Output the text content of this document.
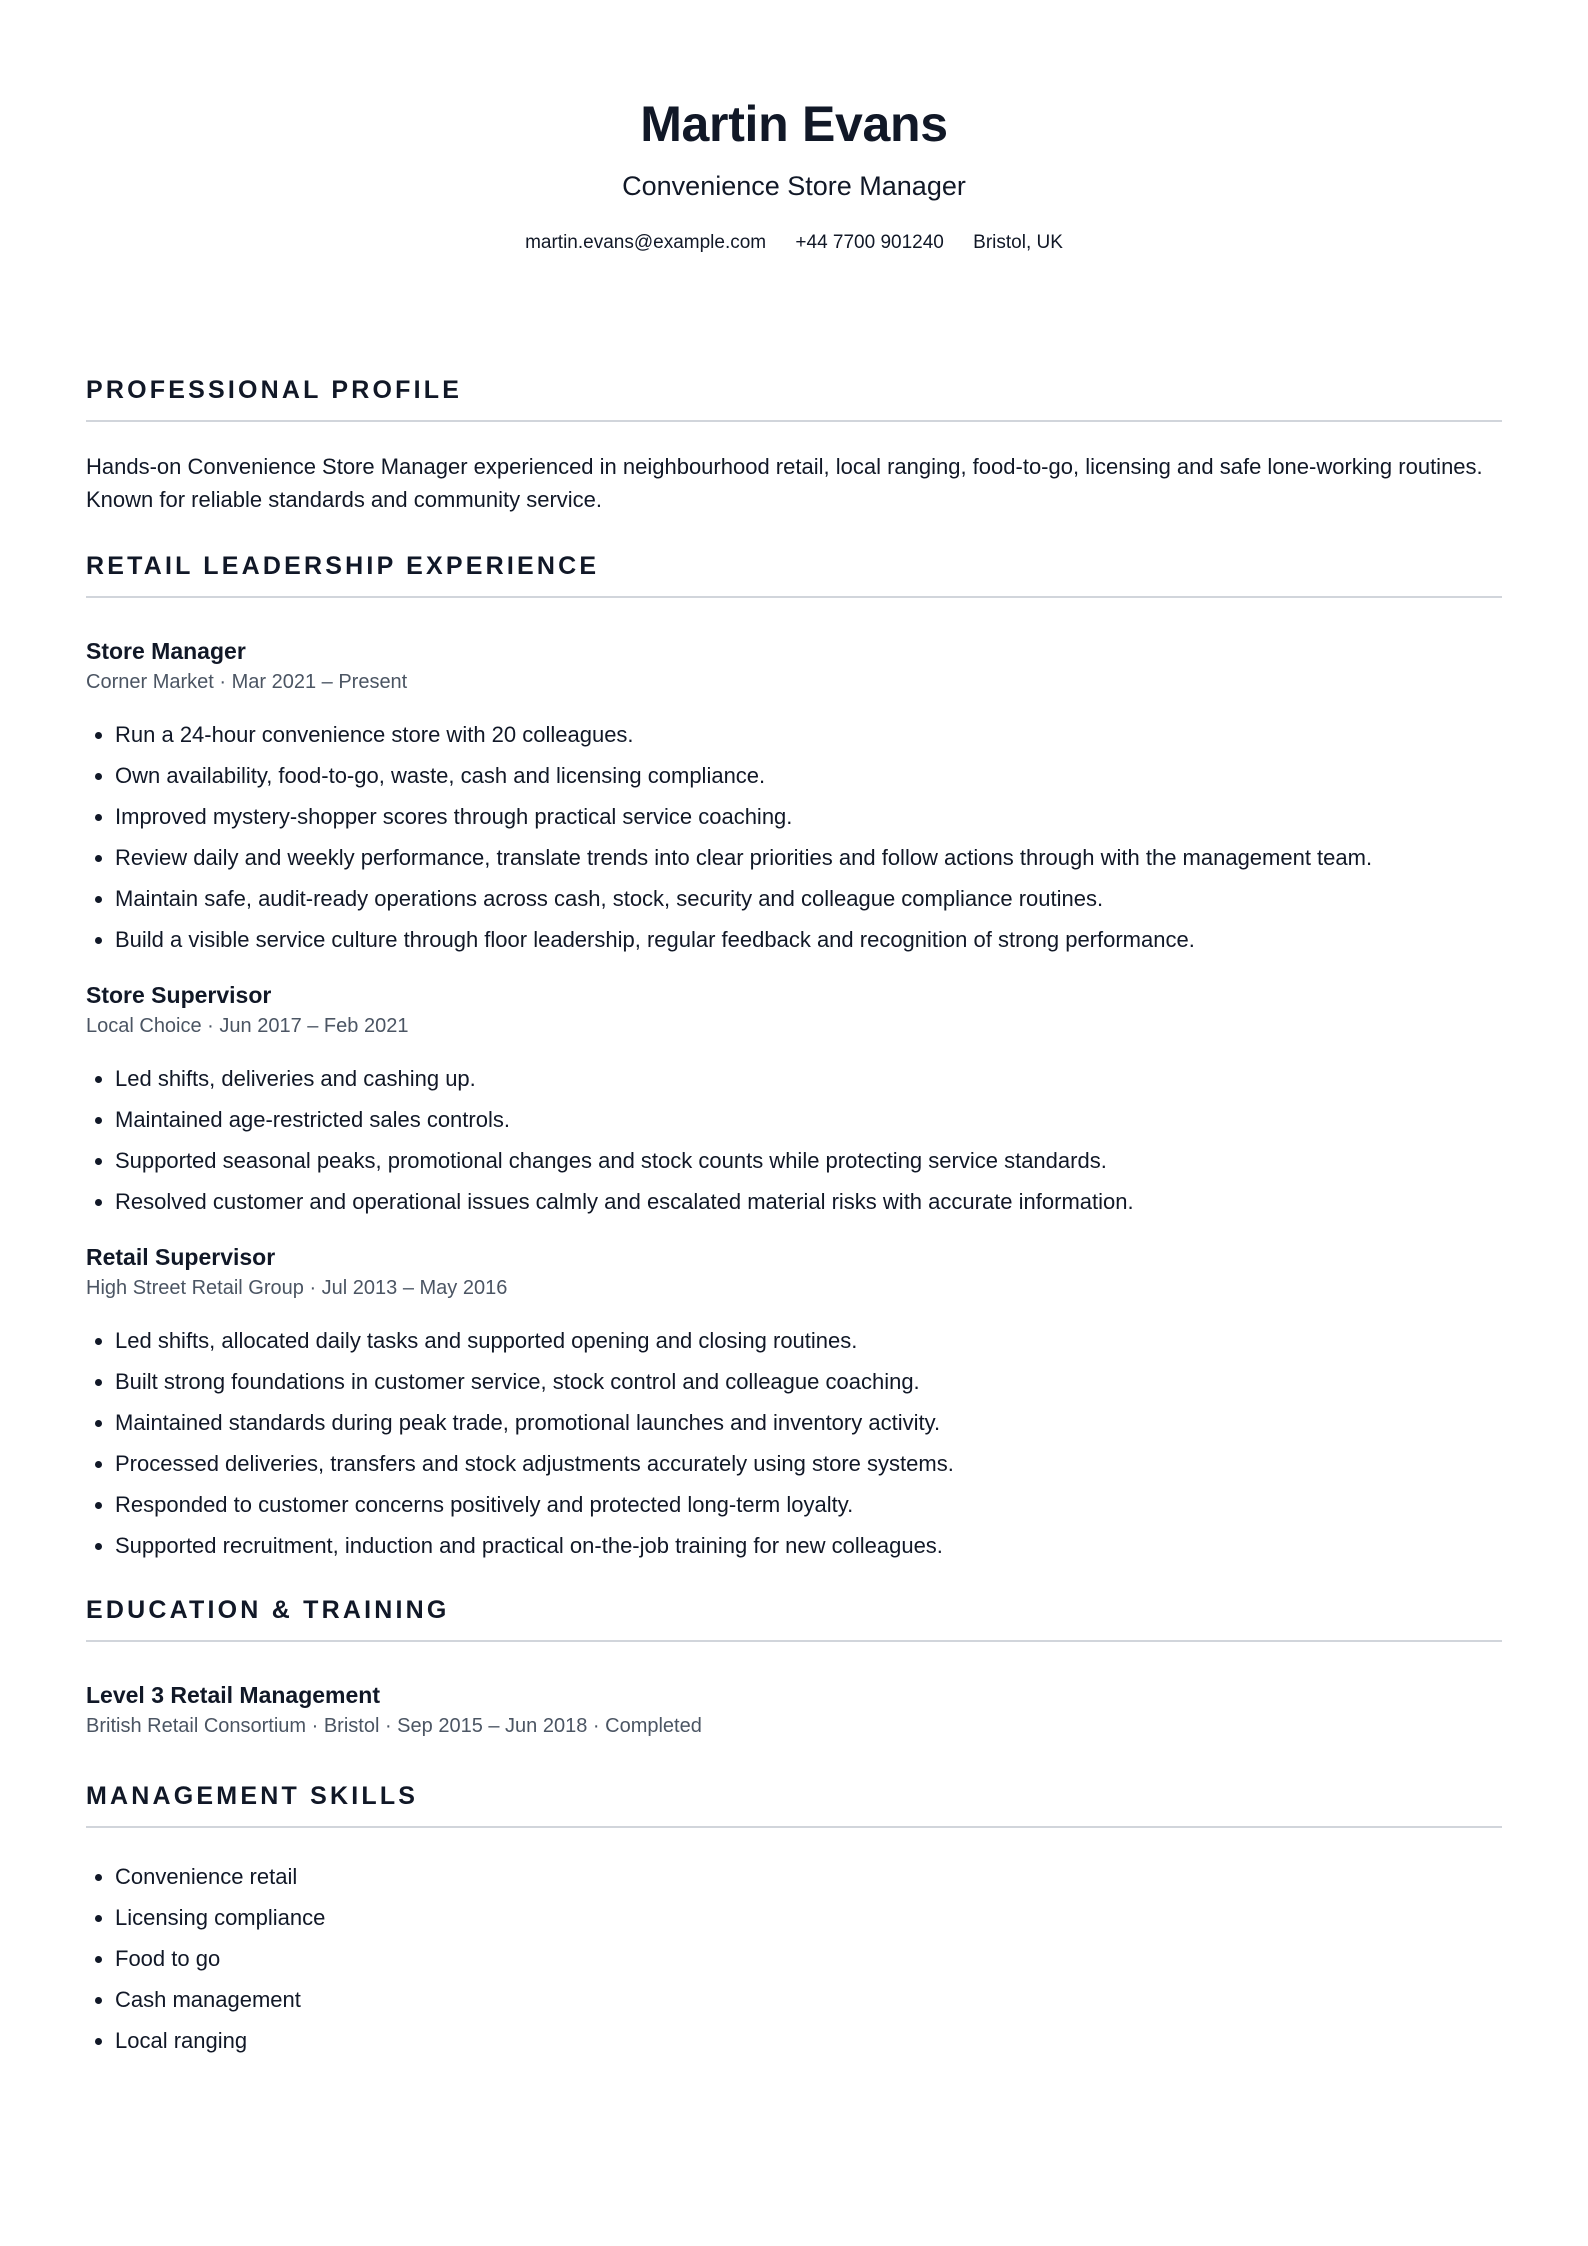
Martin Evans
Convenience Store Manager
martin.evans@example.com +44 7700 901240 Bristol, UK
PROFESSIONAL PROFILE

Hands-on Convenience Store Manager experienced in neighbourhood retail, local ranging, food-to-go, licensing and safe lone-working routines. Known for reliable standards and community service.

RETAIL LEADERSHIP EXPERIENCE
Store Manager
Corner Market · Mar 2021 – Present
• Run a 24-hour convenience store with 20 colleagues.
• Own availability, food-to-go, waste, cash and licensing compliance.
• Improved mystery-shopper scores through practical service coaching.
• Review daily and weekly performance, translate trends into clear priorities and follow actions through with the management team.
• Maintain safe, audit-ready operations across cash, stock, security and colleague compliance routines.
• Build a visible service culture through floor leadership, regular feedback and recognition of strong performance.
Store Supervisor
Local Choice · Jun 2017 – Feb 2021
• Led shifts, deliveries and cashing up.
• Maintained age-restricted sales controls.
• Supported seasonal peaks, promotional changes and stock counts while protecting service standards.
• Resolved customer and operational issues calmly and escalated material risks with accurate information.
Retail Supervisor
High Street Retail Group · Jul 2013 – May 2016
• Led shifts, allocated daily tasks and supported opening and closing routines.
• Built strong foundations in customer service, stock control and colleague coaching.
• Maintained standards during peak trade, promotional launches and inventory activity.
• Processed deliveries, transfers and stock adjustments accurately using store systems.
• Responded to customer concerns positively and protected long-term loyalty.
• Supported recruitment, induction and practical on-the-job training for new colleagues.
EDUCATION & TRAINING
Level 3 Retail Management
British Retail Consortium · Bristol · Sep 2015 – Jun 2018 · Completed
MANAGEMENT SKILLS
• Convenience retail
• Licensing compliance
• Food to go
• Cash management
• Local ranging
